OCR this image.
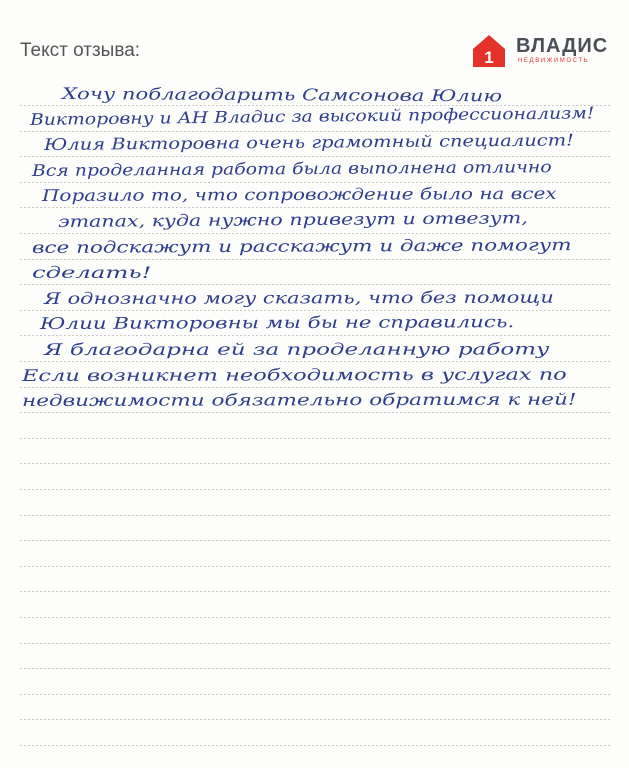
Текст отзыва:	1
ВЛАДИС
НЕДВИЖИМОСТЬ
Хочу поблагодарить Самсонова Юлию
Викторовну и АН Владис за высокий профессионализм!
Юлия Викторовна очень грамотный специалист!
Вся проделанная работа была выполнена отлично
Поразило то, что сопровождение было на всех
этапах, куда нужно привезут и отвезут,
все подскажут и расскажут и даже помогут
сделать!
Я однозначно могу сказать, что без помощи
Юлии Викторовны мы бы не справились.
Я благодарна ей за проделанную работу
Если возникнет необходимость в услугах по
недвижимости обязательно обратимся к ней!
